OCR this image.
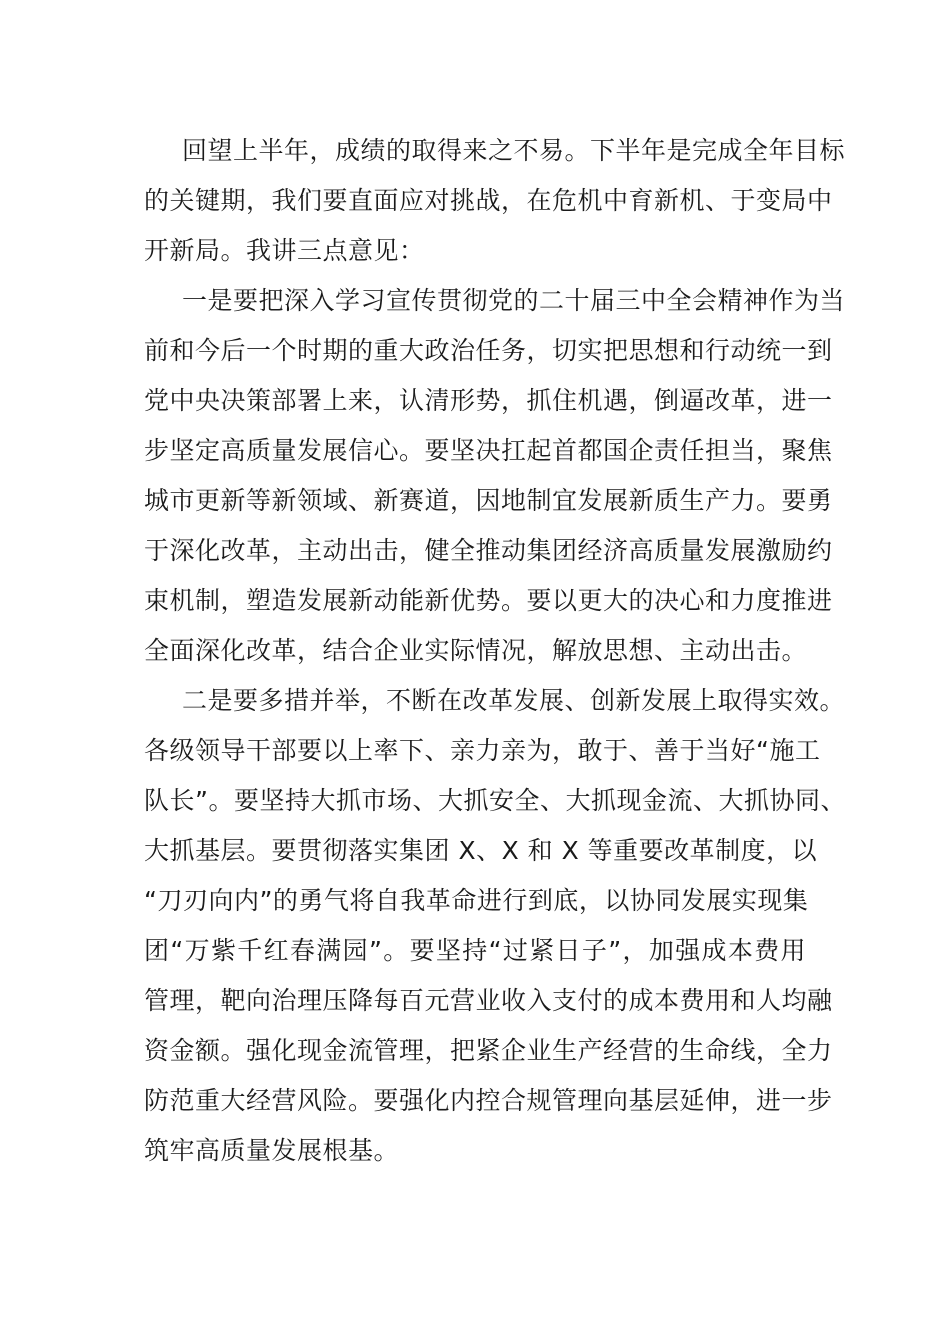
回望上半年，成绩的取得来之不易。下半年是完成全年目标
的关键期，我们要直面应对挑战，在危机中育新机、于变局中
开新局。我讲三点意见：
一是要把深入学习宣传贯彻党的二十届三中全会精神作为当
前和今后一个时期的重大政治任务，切实把思想和行动统一到
党中央决策部署上来，认清形势，抓住机遇，倒逼改革，进一
步坚定高质量发展信心。要坚决扛起首都国企责任担当，聚焦
城市更新等新领域、新赛道，因地制宜发展新质生产力。要勇
于深化改革，主动出击，健全推动集团经济高质量发展激励约
束机制，塑造发展新动能新优势。要以更大的决心和力度推进
全面深化改革，结合企业实际情况，解放思想、主动出击。
二是要多措并举，不断在改革发展、创新发展上取得实效。
各级领导干部要以上率下、亲力亲为，敢于、善于当好“施工
队长”。要坚持大抓市场、大抓安全、大抓现金流、大抓协同、
大抓基层。要贯彻落实集团 X、X 和 X 等重要改革制度，以
“刀刃向内”的勇气将自我革命进行到底，以协同发展实现集
团“万紫千红春满园”。要坚持“过紧日子”，加强成本费用
管理，靶向治理压降每百元营业收入支付的成本费用和人均融
资金额。强化现金流管理，把紧企业生产经营的生命线，全力
防范重大经营风险。要强化内控合规管理向基层延伸，进一步
筑牢高质量发展根基。
